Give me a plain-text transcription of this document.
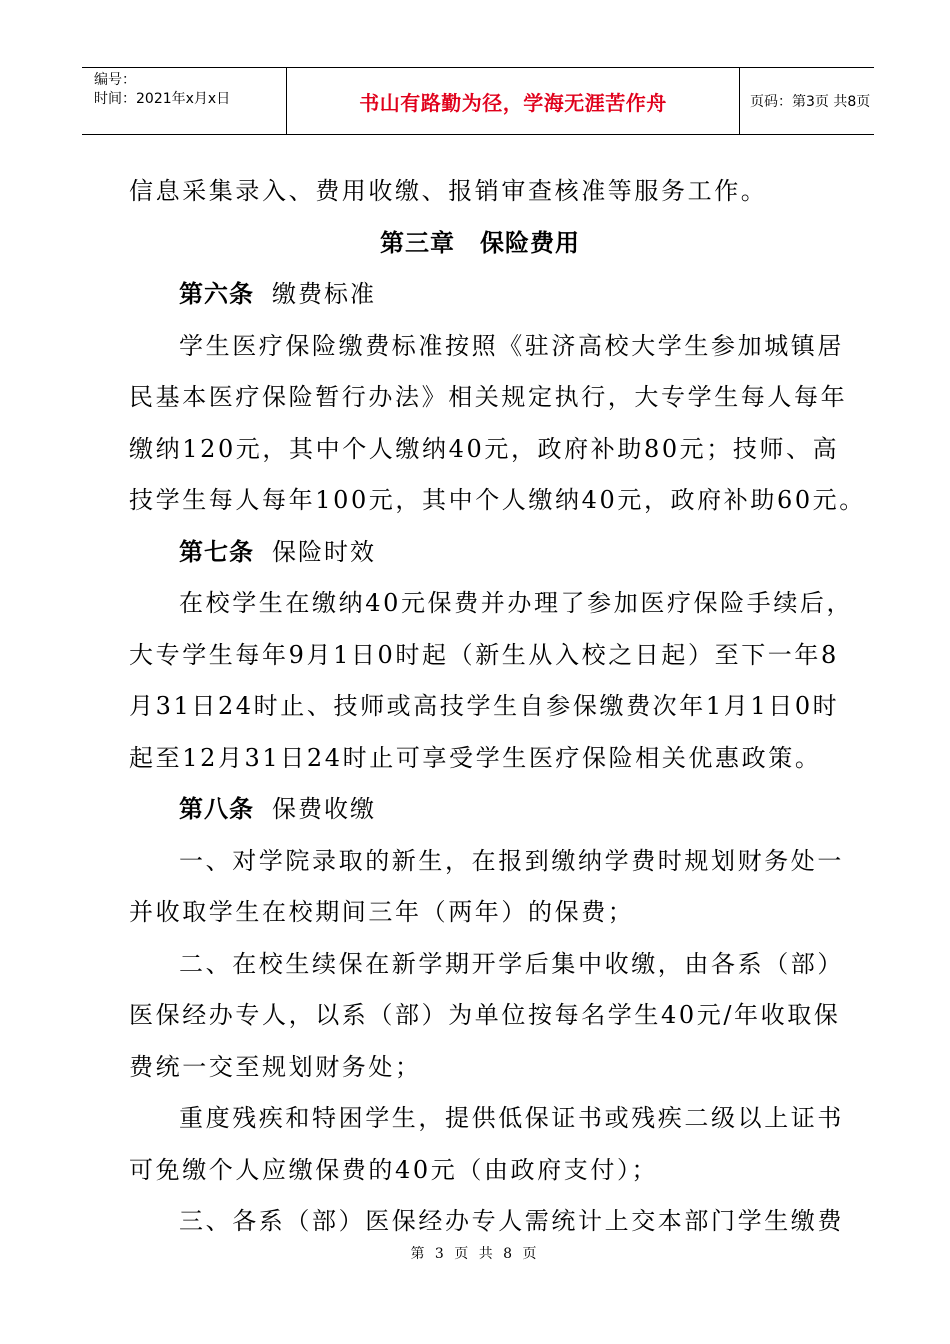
编号：
时间：2021年x月x日	书山有路勤为径，学海无涯苦作舟	页码：第3页 共8页
信息采集录入、费用收缴、报销审查核准等服务工作。
第三章　保险费用
第六条 缴费标准
学生医疗保险缴费标准按照《驻济高校大学生参加城镇居
民基本医疗保险暂行办法》相关规定执行，大专学生每人每年
缴纳120元，其中个人缴纳40元，政府补助80元；技师、高
技学生每人每年100元，其中个人缴纳40元，政府补助60元。
第七条 保险时效
在校学生在缴纳40元保费并办理了参加医疗保险手续后，
大专学生每年9月1日0时起（新生从入校之日起）至下一年8
月31日24时止、技师或高技学生自参保缴费次年1月1日0时
起至12月31日24时止可享受学生医疗保险相关优惠政策。
第八条 保费收缴
一、对学院录取的新生，在报到缴纳学费时规划财务处一
并收取学生在校期间三年（两年）的保费；
二、在校生续保在新学期开学后集中收缴，由各系（部）
医保经办专人，以系（部）为单位按每名学生40元/年收取保
费统一交至规划财务处；
重度残疾和特困学生，提供低保证书或残疾二级以上证书
可免缴个人应缴保费的40元（由政府支付）；
三、各系（部）医保经办专人需统计上交本部门学生缴费
第 3 页 共 8 页
